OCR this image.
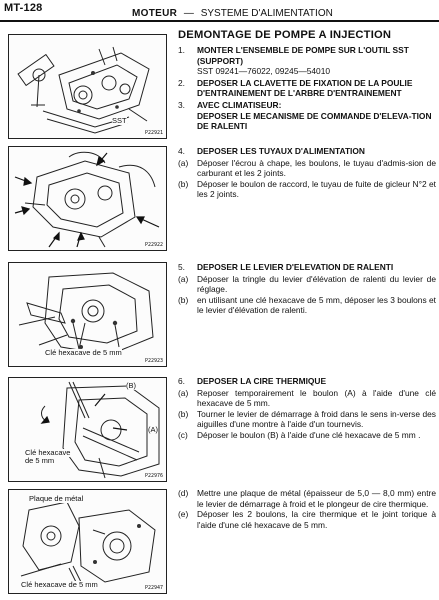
MT-128	MOTEUR — SYSTEME D'ALIMENTATION
SST
P22921
P22922
Clé hexacave de 5 mm
P22923
(B)
(A)
Clé hexacave
de 5 mm
P22976
Plaque de métal
Clé hexacave de 5 mm	P22947
DEMONTAGE DE POMPE A INJECTION
1. MONTER L'ENSEMBLE DE POMPE SUR L'OUTIL SST (SUPPORT)
SST 09241—76022, 09245—54010
2. DEPOSER LA CLAVETTE DE FIXATION DE LA POULIE D'ENTRAINEMENT DE L'ARBRE D'ENTRAINEMENT
3. AVEC CLIMATISEUR:
DEPOSER LE MECANISME DE COMMANDE D'ELEVA-TION DE RALENTI
4. DEPOSER LES TUYAUX D'ALIMENTATION
(a) Déposer l'écrou à chape, les boulons, le tuyau d'admis-sion de carburant et les 2 joints.
(b) Déposer le boulon de raccord, le tuyau de fuite de gicleur N°2 et les 2 joints.
5. DEPOSER LE LEVIER D'ELEVATION DE RALENTI
(a) Déposer la tringle du levier d'élévation de ralenti du levier de réglage.
(b) en utilisant une clé hexacave de 5 mm, déposer les 3 boulons et le levier d'élévation de ralenti.
6. DEPOSER LA CIRE THERMIQUE
(a) Reposer temporairement le boulon (A) à l'aide d'une clé hexacave de 5 mm.
(b) Tourner le levier de démarrage à froid dans le sens in-verse des aiguilles d'une montre à l'aide d'un tournevis.
(c) Déposer le boulon (B) à l'aide d'une clé hexacave de 5 mm .
(d) Mettre une plaque de métal (épaisseur de 5,0 — 8,0 mm) entre le levier de démarrage à froid et le plongeur de cire thermique.
(e) Déposer les 2 boulons, la cire thermique et le joint torique à l'aide d'une clé hexacave de 5 mm.
